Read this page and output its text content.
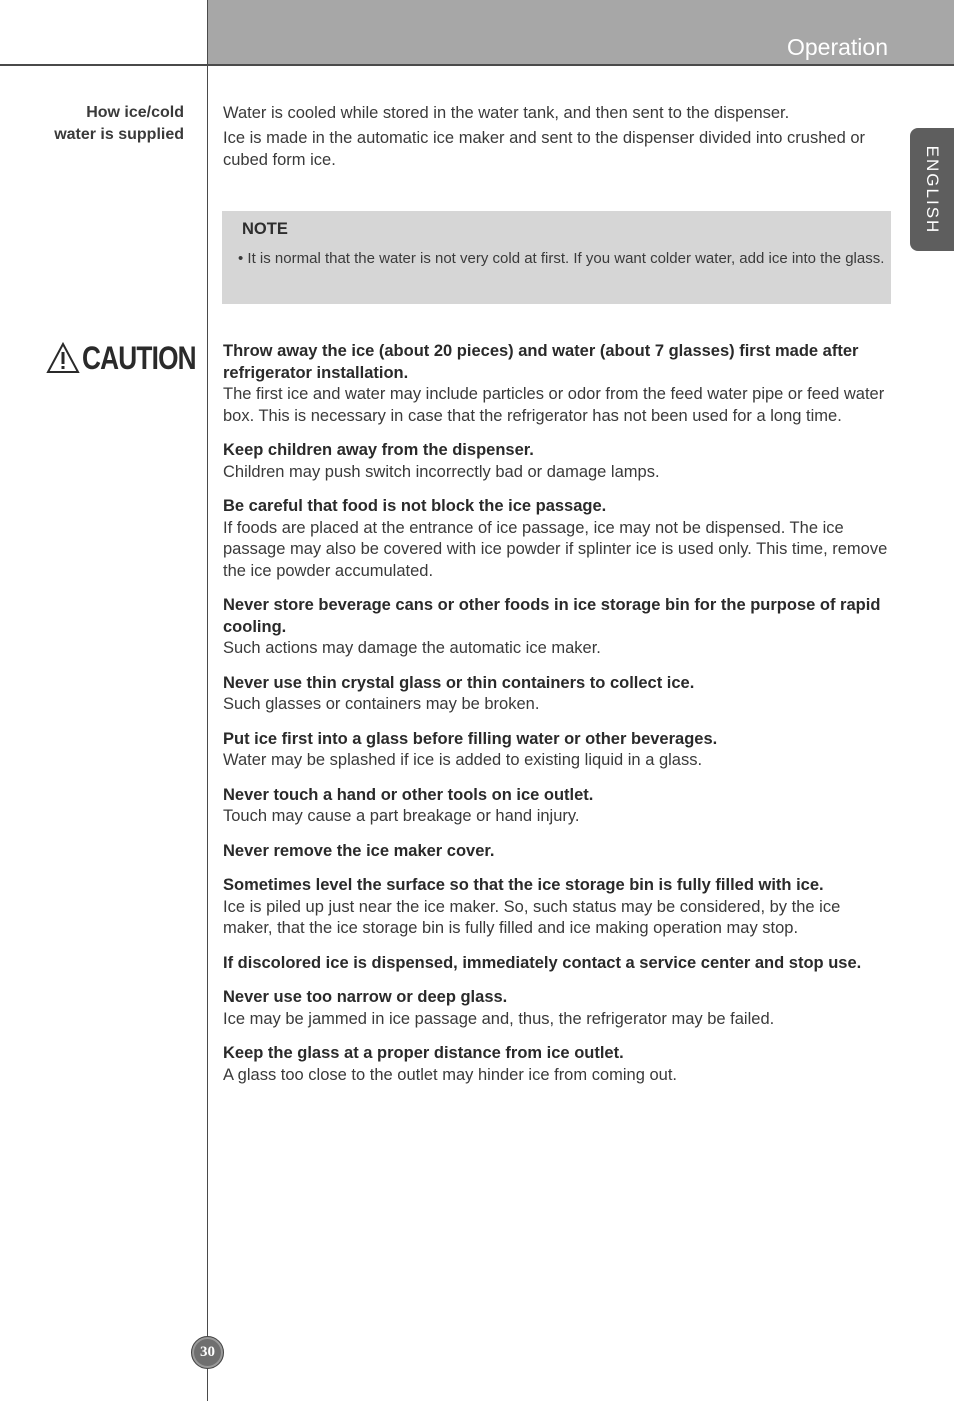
Operation
ENGLISH
How ice/cold water is supplied

Water is cooled while stored in the water tank, and then sent to the dispenser.

Ice is made in the automatic ice maker and sent to the dispenser divided into crushed or cubed form ice.

NOTE
• It is normal that the water is not very cold at first. If you want colder water, add ice into the glass.
CAUTION Throw away the ice (about 20 pieces) and water (about 7 glasses) first made after refrigerator installation.
The first ice and water may include particles or odor from the feed water pipe or feed water box. This is necessary in case that the refrigerator has not been used for a long time.
Keep children away from the dispenser.
Children may push switch incorrectly bad or damage lamps.
Be careful that food is not block the ice passage.
If foods are placed at the entrance of ice passage, ice may not be dispensed. The ice passage may also be covered with ice powder if splinter ice is used only. This time, remove the ice powder accumulated.
Never store beverage cans or other foods in ice storage bin for the purpose of rapid cooling.
Such actions may damage the automatic ice maker.
Never use thin crystal glass or thin containers to collect ice.
Such glasses or containers may be broken.
Put ice first into a glass before filling water or other beverages.
Water may be splashed if ice is added to existing liquid in a glass.
Never touch a hand or other tools on ice outlet.
Touch may cause a part breakage or hand injury.
Never remove the ice maker cover.
Sometimes level the surface so that the ice storage bin is fully filled with ice.
Ice is piled up just near the ice maker. So, such status may be considered, by the ice maker, that the ice storage bin is fully filled and ice making operation may stop.
If discolored ice is dispensed, immediately contact a service center and stop use.
Never use too narrow or deep glass.
Ice may be jammed in ice passage and, thus, the refrigerator may be failed.
Keep the glass at a proper distance from ice outlet.
A glass too close to the outlet may hinder ice from coming out.
30
